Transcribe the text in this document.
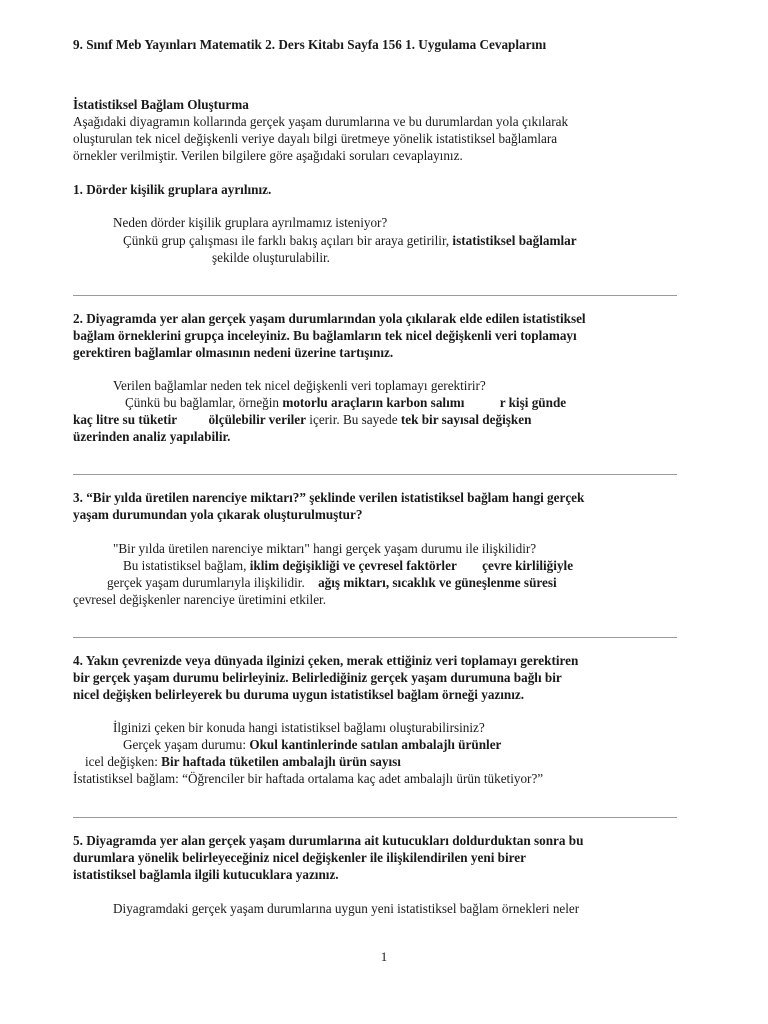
9. Sınıf Meb Yayınları Matematik 2. Ders Kitabı Sayfa 156 1. Uygulama Cevaplarını
İstatistiksel Bağlam Oluşturma
Aşağıdaki diyagramın kollarında gerçek yaşam durumlarına ve bu durumlardan yola çıkılarak
oluşturulan tek nicel değişkenli veriye dayalı bilgi üretmeye yönelik istatistiksel bağlamlara
örnekler verilmiştir. Verilen bilgilere göre aşağıdaki soruları cevaplayınız.
1. Dörder kişilik gruplara ayrılınız.
Neden dörder kişilik gruplara ayrılmamız isteniyor?
Çünkü grup çalışması ile farklı bakış açıları bir araya getirilir, istatistiksel bağlamlar
şekilde oluşturulabilir.
2. Diyagramda yer alan gerçek yaşam durumlarından yola çıkılarak elde edilen istatistiksel
bağlam örneklerini grupça inceleyiniz. Bu bağlamların tek nicel değişkenli veri toplamayı
gerektiren bağlamlar olmasının nedeni üzerine tartışınız.
Verilen bağlamlar neden tek nicel değişkenli veri toplamayı gerektirir?
Çünkü bu bağlamlar, örneğin motorlu araçların karbon salımı	r kişi günde
kaç litre su tüketir ölçülebilir veriler içerir. Bu sayede tek bir sayısal değişken
üzerinden analiz yapılabilir.
3. “Bir yılda üretilen narenciye miktarı?” şeklinde verilen istatistiksel bağlam hangi gerçek
yaşam durumundan yola çıkarak oluşturulmuştur?
"Bir yılda üretilen narenciye miktarı" hangi gerçek yaşam durumu ile ilişkilidir?
Bu istatistiksel bağlam, iklim değişikliği ve çevresel faktörler çevre kirliliğiyle
gerçek yaşam durumlarıyla ilişkilidir. ağış miktarı, sıcaklık ve güneşlenme süresi
çevresel değişkenler narenciye üretimini etkiler.
4. Yakın çevrenizde veya dünyada ilginizi çeken, merak ettiğiniz veri toplamayı gerektiren
bir gerçek yaşam durumu belirleyiniz. Belirlediğiniz gerçek yaşam durumuna bağlı bir
nicel değişken belirleyerek bu duruma uygun istatistiksel bağlam örneği yazınız.
İlginizi çeken bir konuda hangi istatistiksel bağlamı oluşturabilirsiniz?
Gerçek yaşam durumu: Okul kantinlerinde satılan ambalajlı ürünler
icel değişken: Bir haftada tüketilen ambalajlı ürün sayısı
İstatistiksel bağlam: “Öğrenciler bir haftada ortalama kaç adet ambalajlı ürün tüketiyor?”
5. Diyagramda yer alan gerçek yaşam durumlarına ait kutucukları doldurduktan sonra bu
durumlara yönelik belirleyeceğiniz nicel değişkenler ile ilişkilendirilen yeni birer
istatistiksel bağlamla ilgili kutucuklara yazınız.
Diyagramdaki gerçek yaşam durumlarına uygun yeni istatistiksel bağlam örnekleri neler
1
